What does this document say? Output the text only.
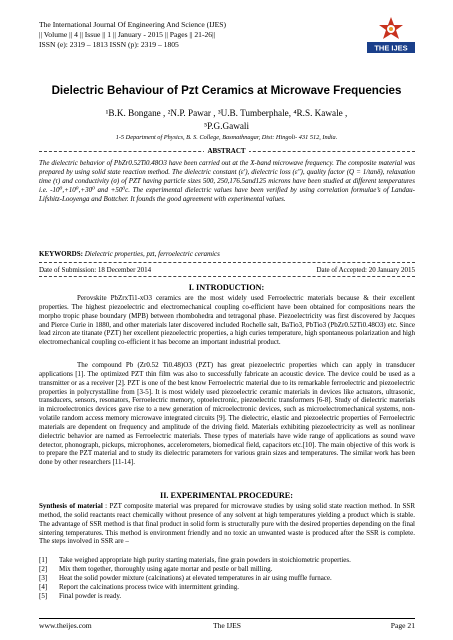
The International Journal Of Engineering And Science (IJES)
|| Volume || 4 || Issue || 1 || January - 2015 || Pages || 21-26||
ISSN (e): 2319 – 1813 ISSN (p): 2319 – 1805	THE IJES
Dielectric Behaviour of Pzt Ceramics at Microwave Frequencies
¹B.K. Bongane , ²N.P. Pawar , ³U.B. Tumberphale, ⁴R.S. Kawale ,
⁵P.G.Gawali
1-5 Department of Physics, B. S. College, Basmathnagar, Dist: Hingoli- 431 512, India.
ABSTRACT
The dielectric behavior of PbZr0.52Ti0.48O3 have been carried out at the X-band microwave frequency. The composite material was prepared by using solid state reaction method. The dielectric constant (ε′), dielectric loss (ε″), quality factor (Q = 1/tanδ), relaxation time (τ) and conductivity (σ) of PZT having particle sizes 500, 250,176.5and125 microns have been studied at different temperatures i.e. -10⁰,+10⁰,+30⁰ and +50⁰c. The experimental dielectric values have been verified by using correlation formulae’s of Landau-Lifshitz-Looyenga and Bottcher. It founds the good agreement with experimental values.
KEYWORDS: Dielectric properties, pzt, ferroelectric ceramics
Date of Submission: 18 December 2014	Date of Accepted: 20 January 2015
I. INTRODUCTION:
Perovskite PbZrxTi1-xO3 ceramics are the most widely used Ferroelectric materials because & their excellent properties. The highest piezoelectric and electromechanical coupling co-efficient have been obtained for compositions nears the morpho tropic phase boundary (MPB) between rhombohedra and tetragonal phase. Piezoelectricity was first discovered by Jacques and Pierce Curie in 1880, and other materials later discovered included Rochelle salt, BaTio3, PbTio3 (PbZr0.52Ti0.48O3) etc. Since lead zircon ate titanate (PZT) her excellent piezoelectric properties, a high curies temperature, high spontaneous polarization and high electromechanical coupling co-efficient it has become an important industrial product.
The compound Pb (Zr0.52 Ti0.48)O3 (PZT) has great piezoelectric properties which can apply in transducer applications [1]. The optimized PZT thin film was also to successfully fabricate an acoustic device. The device could be used as a transmitter or as a receiver [2]. PZT is one of the best know Ferroelectric material due to its remarkable ferroelectric and piezoelectric properties in polycrystalline from [3-5]. It is most widely used piezoelectric ceramic materials in devices like actuators, ultrasonic, transducers, sensors, resonators, Ferroelectric memory, optoelectronic, piezoelectric transformers [6-8]. Study of dielectric materials in microelectronics devices gave rise to a new generation of microelectronic devices, such as microelectromechanical systems, non-volatile random access memory microwave integrated circuits [9]. The dielectric, elastic and piezoelectric properties of Ferroelectric materials are dependent on frequency and amplitude of the driving field. Materials exhibiting piezoelectricity as well as nonlinear dielectric behavior are named as Ferroelectric materials. These types of materials have wide range of applications as sound wave detector, phonograph, pickups, microphones, accelerometers, biomedical field, capacitors etc.[10]. The main objective of this work is to prepare the PZT material and to study its dielectric parameters for various grain sizes and temperatures. The similar work has been done by other researchers [11-14].
II. EXPERIMENTAL PROCEDURE:
Synthesis of material : PZT composite material was prepared for microwave studies by using solid state reaction method. In SSR method, the solid reactants react chemically without presence of any solvent at high temperatures yielding a product which is stable. The advantage of SSR method is that final product in solid form is structurally pure with the desired properties depending on the final sintering temperatures. This method is environment friendly and no toxic an unwanted waste is produced after the SSR is complete. The steps involved in SSR are –
[1]	Take weighed appropriate high purity starting materials, fine grain powders in stoichiometric properties.
[2]	Mix them together, thoroughly using agate mortar and pestle or ball milling.
[3]	Heat the solid powder mixture (calcinations) at elevated temperatures in air using muffle furnace.
[4]	Report the calcinations process twice with intermittent grinding.
[5]	Final powder is ready.
www.theijes.com	The IJES	Page 21
